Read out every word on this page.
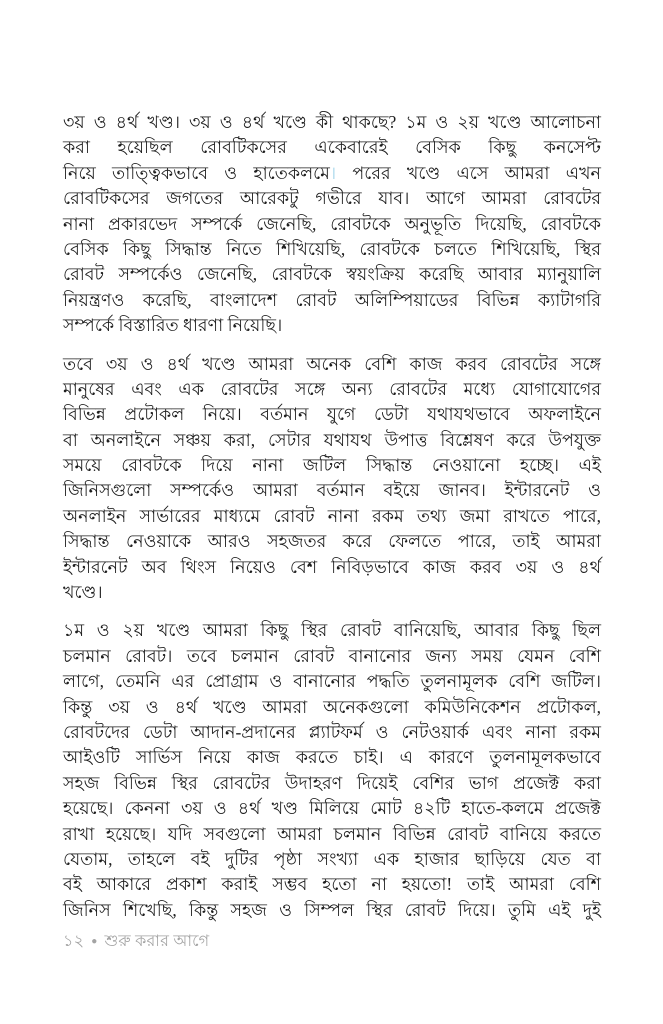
৩য় ও ৪র্থ খণ্ড। ৩য় ও ৪র্থ খণ্ডে কী থাকছে? ১ম ও ২য় খণ্ডে আলোচনা
করা হয়েছিল রোবটিকসের একেবারেই বেসিক কিছু কনসেপ্ট
নিয়ে তাত্ত্বিকভাবে ও হাতেকলমে। পরের খণ্ডে এসে আমরা এখন
রোবটিকসের জগতের আরেকটু গভীরে যাব। আগে আমরা রোবটের
নানা প্রকারভেদ সম্পর্কে জেনেছি, রোবটকে অনুভূতি দিয়েছি, রোবটকে
বেসিক কিছু সিদ্ধান্ত নিতে শিখিয়েছি, রোবটকে চলতে শিখিয়েছি, স্থির
রোবট সম্পর্কেও জেনেছি, রোবটকে স্বয়ংক্রিয় করেছি আবার ম্যানুয়ালি
নিয়ন্ত্রণও করেছি, বাংলাদেশ রোবট অলিম্পিয়াডের বিভিন্ন ক্যাটাগরি
সম্পর্কে বিস্তারিত ধারণা নিয়েছি।
তবে ৩য় ও ৪র্থ খণ্ডে আমরা অনেক বেশি কাজ করব রোবটের সঙ্গে
মানুষের এবং এক রোবটের সঙ্গে অন্য রোবটের মধ্যে যোগাযোগের
বিভিন্ন প্রটোকল নিয়ে। বর্তমান যুগে ডেটা যথাযথভাবে অফলাইনে
বা অনলাইনে সঞ্চয় করা, সেটার যথাযথ উপাত্ত বিশ্লেষণ করে উপযুক্ত
সময়ে রোবটকে দিয়ে নানা জটিল সিদ্ধান্ত নেওয়ানো হচ্ছে। এই
জিনিসগুলো সম্পর্কেও আমরা বর্তমান বইয়ে জানব। ইন্টারনেট ও
অনলাইন সার্ভারের মাধ্যমে রোবট নানা রকম তথ্য জমা রাখতে পারে,
সিদ্ধান্ত নেওয়াকে আরও সহজতর করে ফেলতে পারে, তাই আমরা
ইন্টারনেট অব থিংস নিয়েও বেশ নিবিড়ভাবে কাজ করব ৩য় ও ৪র্থ
খণ্ডে।
১ম ও ২য় খণ্ডে আমরা কিছু স্থির রোবট বানিয়েছি, আবার কিছু ছিল
চলমান রোবট। তবে চলমান রোবট বানানোর জন্য সময় যেমন বেশি
লাগে, তেমনি এর প্রোগ্রাম ও বানানোর পদ্ধতি তুলনামূলক বেশি জটিল।
কিন্তু ৩য় ও ৪র্থ খণ্ডে আমরা অনেকগুলো কমিউনিকেশন প্রটোকল,
রোবটদের ডেটা আদান-প্রদানের প্ল্যাটফর্ম ও নেটওয়ার্ক এবং নানা রকম
আইওটি সার্ভিস নিয়ে কাজ করতে চাই। এ কারণে তুলনামূলকভাবে
সহজ বিভিন্ন স্থির রোবটের উদাহরণ দিয়েই বেশির ভাগ প্রজেক্ট করা
হয়েছে। কেননা ৩য় ও ৪র্থ খণ্ড মিলিয়ে মোট ৪২টি হাতে-কলমে প্রজেক্ট
রাখা হয়েছে। যদি সবগুলো আমরা চলমান বিভিন্ন রোবট বানিয়ে করতে
যেতাম, তাহলে বই দুটির পৃষ্ঠা সংখ্যা এক হাজার ছাড়িয়ে যেত বা
বই আকারে প্রকাশ করাই সম্ভব হতো না হয়তো! তাই আমরা বেশি
জিনিস শিখেছি, কিন্তু সহজ ও সিম্পল স্থির রোবট দিয়ে। তুমি এই দুই
১২ ● শুরু করার আগে
